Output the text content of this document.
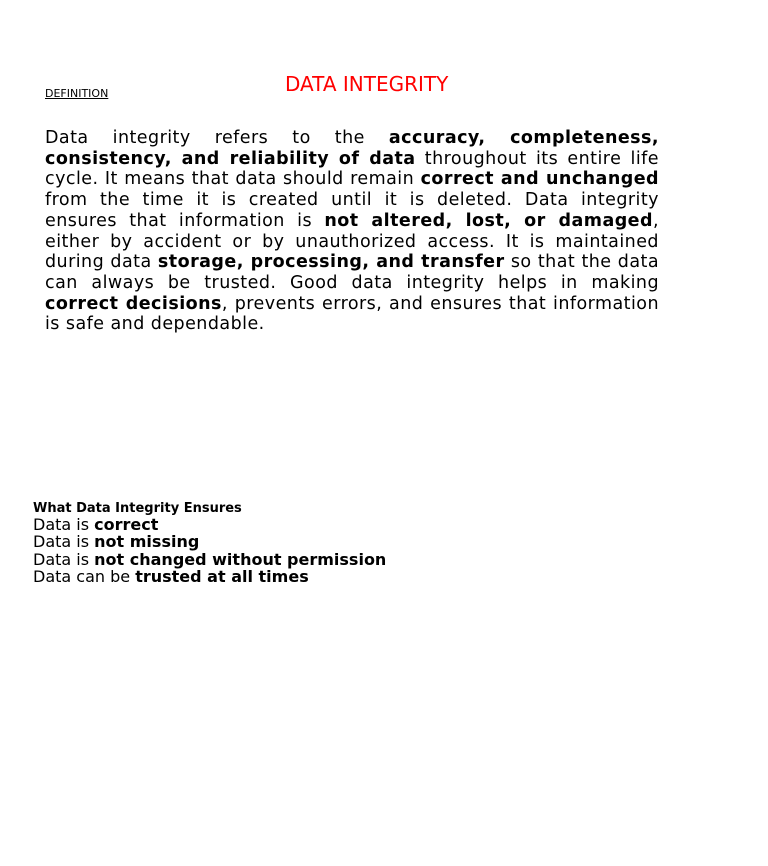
DEFINITION	DATA INTEGRITY

Data integrity refers to the accuracy, completeness, consistency, and reliability of data throughout its entire life cycle. It means that data should remain correct and unchanged from the time it is created until it is deleted. Data integrity ensures that information is not altered, lost, or damaged, either by accident or by unauthorized access. It is maintained during data storage, processing, and transfer so that the data can always be trusted. Good data integrity helps in making correct decisions, prevents errors, and ensures that information is safe and dependable.

What Data Integrity Ensures
Data is correct
Data is not missing
Data is not changed without permission
Data can be trusted at all times
